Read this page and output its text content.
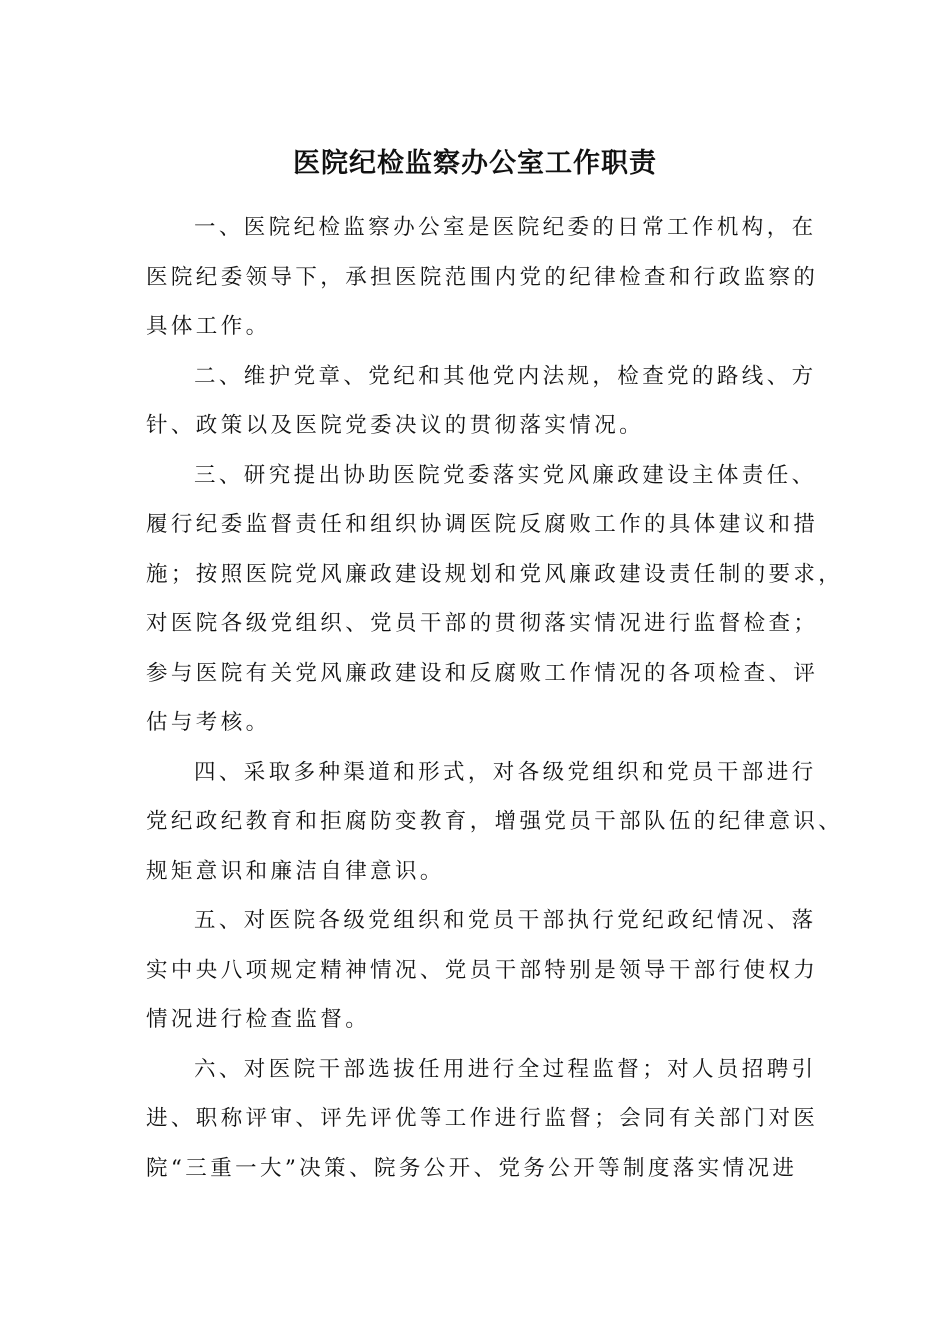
医院纪检监察办公室工作职责
一、医院纪检监察办公室是医院纪委的日常工作机构，在
医院纪委领导下，承担医院范围内党的纪律检查和行政监察的
具体工作。
二、维护党章、党纪和其他党内法规，检查党的路线、方
针、政策以及医院党委决议的贯彻落实情况。
三、研究提出协助医院党委落实党风廉政建设主体责任、
履行纪委监督责任和组织协调医院反腐败工作的具体建议和措
施；按照医院党风廉政建设规划和党风廉政建设责任制的要求，
对医院各级党组织、党员干部的贯彻落实情况进行监督检查；
参与医院有关党风廉政建设和反腐败工作情况的各项检查、评
估与考核。
四、采取多种渠道和形式，对各级党组织和党员干部进行
党纪政纪教育和拒腐防变教育，增强党员干部队伍的纪律意识、
规矩意识和廉洁自律意识。
五、对医院各级党组织和党员干部执行党纪政纪情况、落
实中央八项规定精神情况、党员干部特别是领导干部行使权力
情况进行检查监督。
六、对医院干部选拔任用进行全过程监督；对人员招聘引
进、职称评审、评先评优等工作进行监督；会同有关部门对医
院“三重一大”决策、院务公开、党务公开等制度落实情况进
